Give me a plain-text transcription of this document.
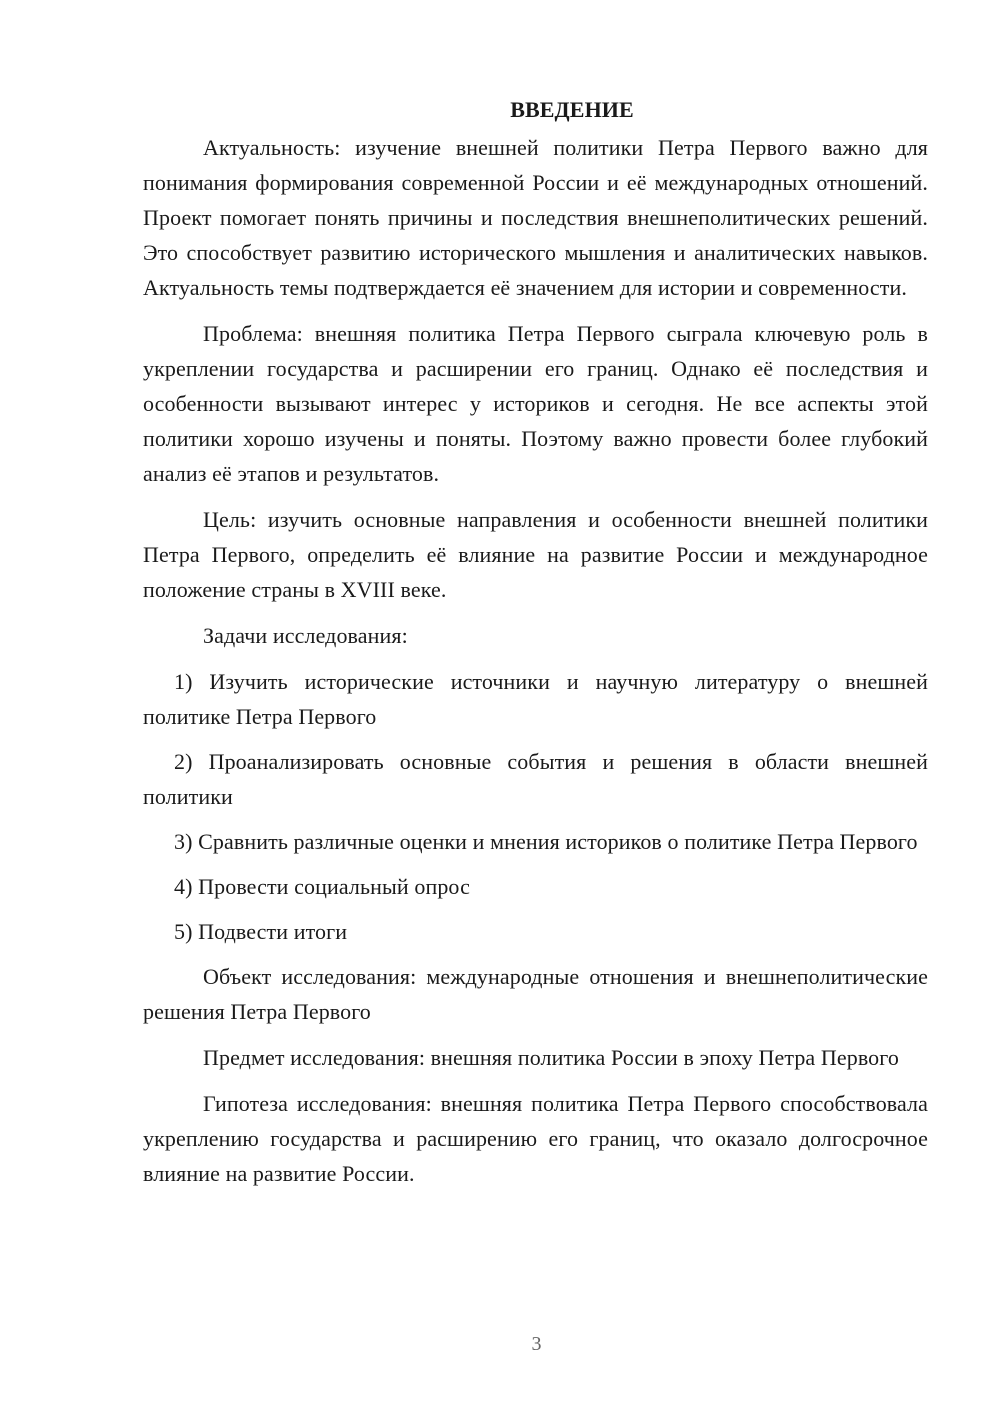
ВВЕДЕНИЕ

Актуальность: изучение внешней политики Петра Первого важно для понимания формирования современной России и её международных отношений. Проект помогает понять причины и последствия внешнеполитических решений. Это способствует развитию исторического мышления и аналитических навыков. Актуальность темы подтверждается её значением для истории и современности.

Проблема: внешняя политика Петра Первого сыграла ключевую роль в укреплении государства и расширении его границ. Однако её последствия и особенности вызывают интерес у историков и сегодня. Не все аспекты этой политики хорошо изучены и поняты. Поэтому важно провести более глубокий анализ её этапов и результатов.

Цель: изучить основные направления и особенности внешней политики Петра Первого, определить её влияние на развитие России и международное положение страны в XVIII веке.

Задачи исследования:

1) Изучить исторические источники и научную литературу о внешней политике Петра Первого

2) Проанализировать основные события и решения в области внешней политики

3) Сравнить различные оценки и мнения историков о политике Петра Первого

4) Провести социальный опрос

5) Подвести итоги

Объект исследования: международные отношения и внешнеполитические решения Петра Первого

Предмет исследования: внешняя политика России в эпоху Петра Первого

Гипотеза исследования: внешняя политика Петра Первого способствовала укреплению государства и расширению его границ, что оказало долгосрочное влияние на развитие России.

3
